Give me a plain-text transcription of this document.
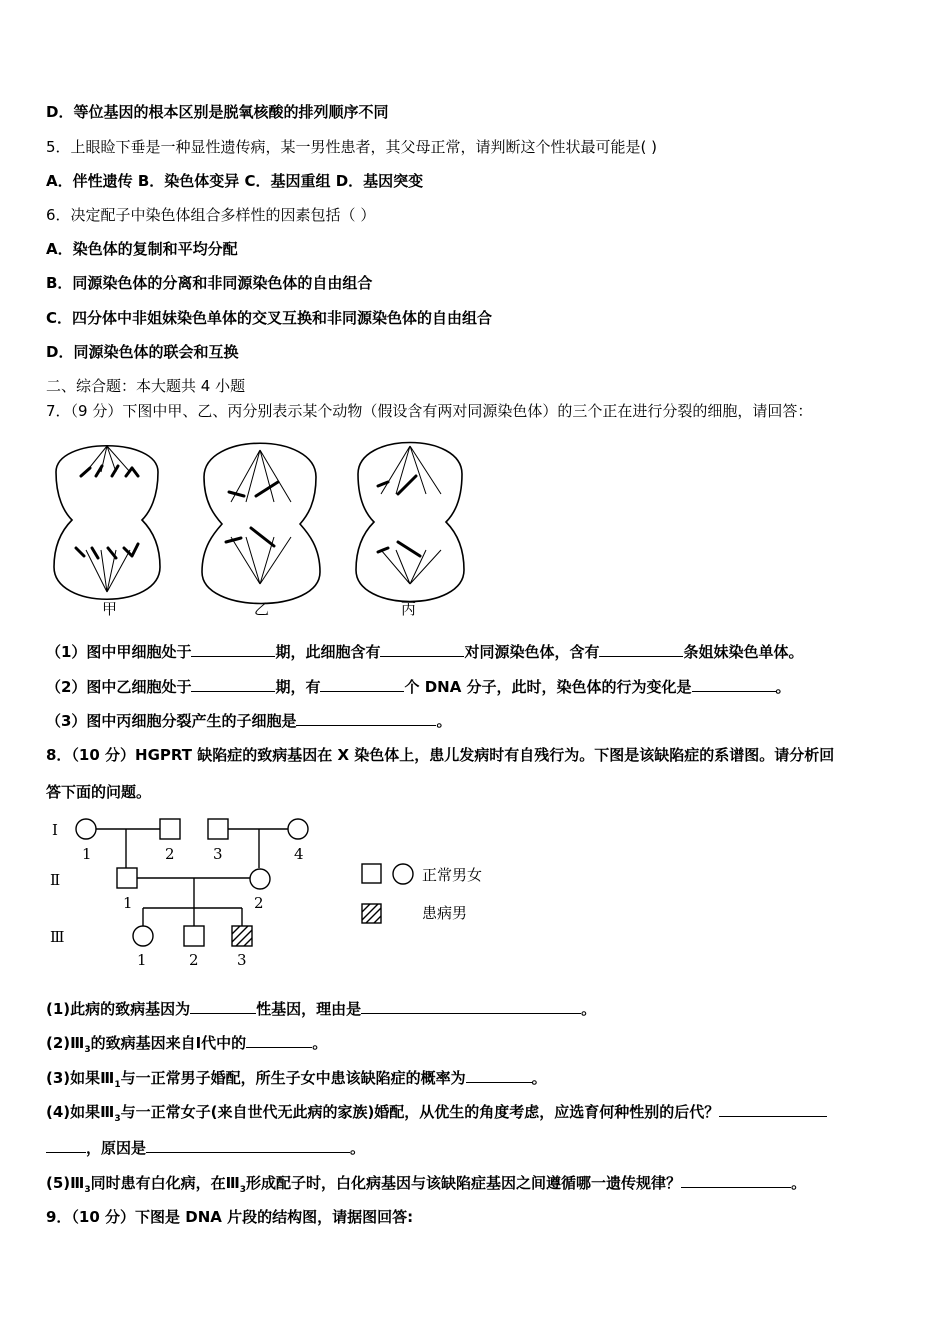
D．等位基因的根本区别是脱氧核酸的排列顺序不同
5．上眼睑下垂是一种显性遗传病，某一男性患者，其父母正常，请判断这个性状最可能是( )
A．伴性遗传 B．染色体变异 C．基因重组 D．基因突变
6．决定配子中染色体组合多样性的因素包括（ ）
A．染色体的复制和平均分配
B．同源染色体的分离和非同源染色体的自由组合
C．四分体中非姐妹染色单体的交叉互换和非同源染色体的自由组合
D．同源染色体的联会和互换
二、综合题：本大题共 4 小题
7．（9 分）下图中甲、乙、丙分别表示某个动物（假设含有两对同源染色体）的三个正在进行分裂的细胞，请回答：
甲	乙	丙
（1）图中甲细胞处于	期，此细胞含有	对同源染色体，含有	条姐妹染色单体。
（2）图中乙细胞处于	期，有	个 DNA 分子，此时，染色体的行为变化是	。
（3）图中丙细胞分裂产生的子细胞是	。
8．（10 分）HGPRT 缺陷症的致病基因在 X 染色体上，患儿发病时有自残行为。下图是该缺陷症的系谱图。请分析回
答下面的问题。
Ⅰ
Ⅱ
Ⅲ
1	2	3	4
1	2
1	2	3
正常男女
患病男
(1)此病的致病基因为	性基因，理由是	。
$(2)Ⅲ_3$的致病基因来自Ⅰ代中的	。
(3)如果$Ⅲ_1$与一正常男子婚配，所生子女中患该缺陷症的概率为	。
(4)如果$Ⅲ_3$与一正常女子(来自世代无此病的家族)婚配，从优生的角度考虑，应选育何种性别的后代？
，原因是	。
$(5)Ⅲ_3$同时患有白化病，在$Ⅲ_3$形成配子时，白化病基因与该缺陷症基因之间遵循哪一遗传规律？	。
9．（10 分）下图是 DNA 片段的结构图，请据图回答:
